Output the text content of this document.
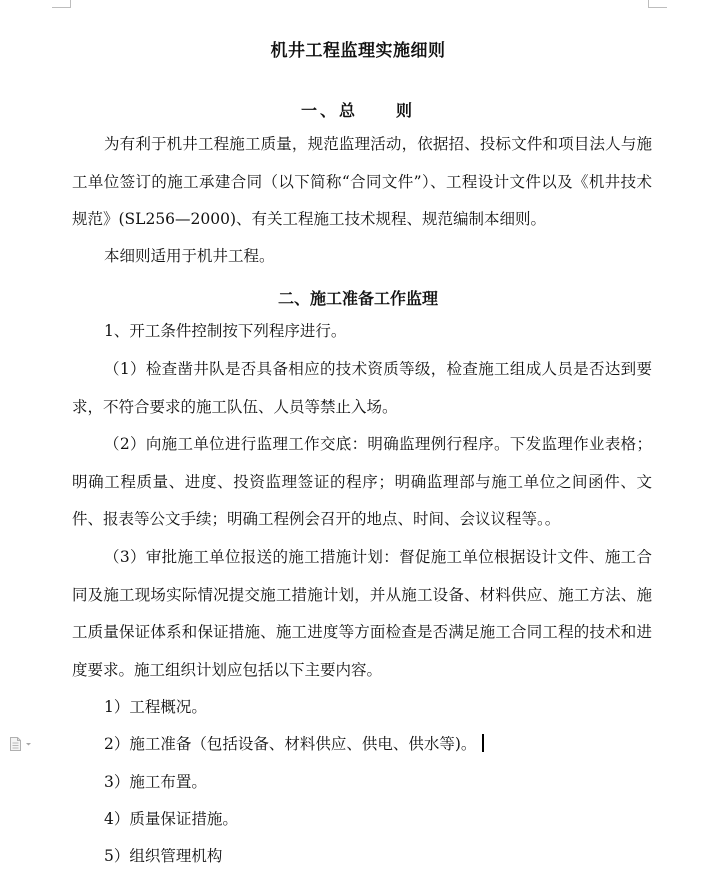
机井工程监理实施细则
一、总　　则
为有利于机井工程施工质量，规范监理活动，依据招、投标文件和项目法人与施工单位签订的施工承建合同（以下简称“合同文件”）、工程设计文件以及《机井技术规范》(SL256—2000)、有关工程施工技术规程、规范编制本细则。
本细则适用于机井工程。
二、施工准备工作监理
1、开工条件控制按下列程序进行。
（1）检查凿井队是否具备相应的技术资质等级，检查施工组成人员是否达到要求，不符合要求的施工队伍、人员等禁止入场。
（2）向施工单位进行监理工作交底：明确监理例行程序。下发监理作业表格；明确工程质量、进度、投资监理签证的程序；明确监理部与施工单位之间函件、文件、报表等公文手续；明确工程例会召开的地点、时间、会议议程等。。
（3）审批施工单位报送的施工措施计划：督促施工单位根据设计文件、施工合同及施工现场实际情况提交施工措施计划，并从施工设备、材料供应、施工方法、施工质量保证体系和保证措施、施工进度等方面检查是否满足施工合同工程的技术和进度要求。施工组织计划应包括以下主要内容。
1）工程概况。
2）施工准备（包括设备、材料供应、供电、供水等)。
3）施工布置。
4）质量保证措施。
5）组织管理机构
